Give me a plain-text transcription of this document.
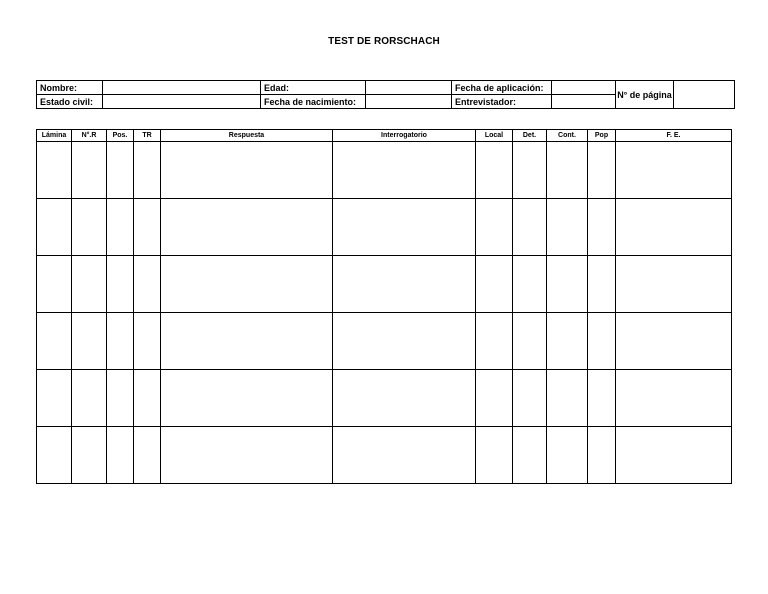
TEST DE RORSCHACH
Nombre:		Edad:		Fecha de aplicación:		N° de página	
Estado civil:		Fecha de nacimiento:		Entrevistador:			
Lámina	N°.R	Pos.	TR	Respuesta	Interrogatorio	Local	Det.	Cont.	Pop	F. E.
